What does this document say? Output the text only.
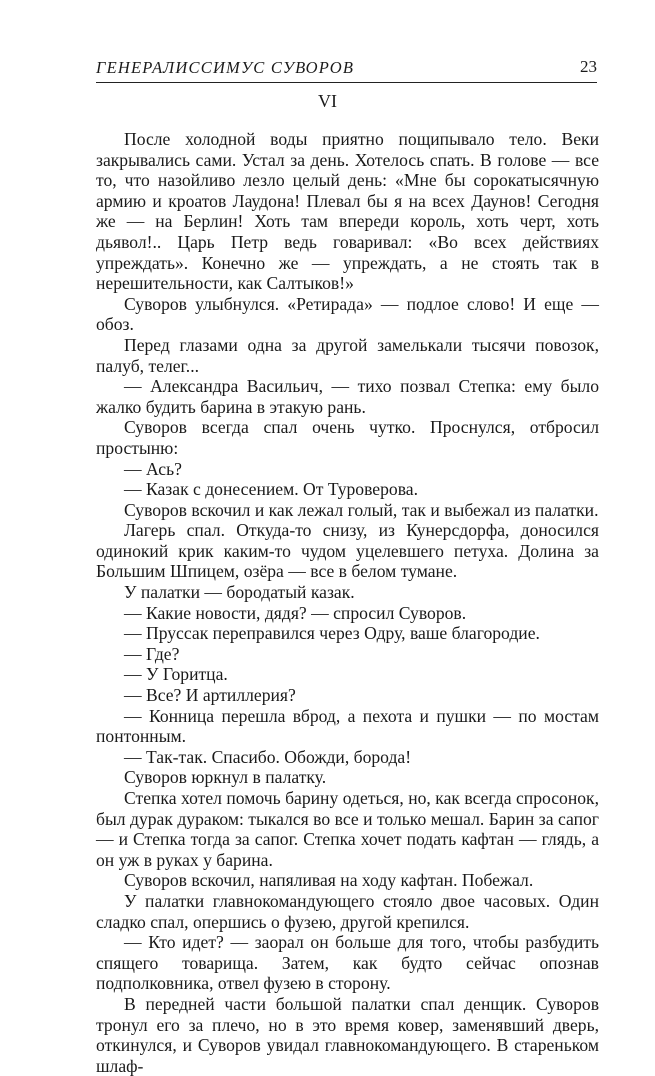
ГЕНЕРАЛИССИМУС СУВОРОВ	23
VI

После холодной воды приятно пощипывало тело. Веки закрывались сами. Устал за день. Хотелось спать. В голове — все то, что назойливо лезло целый день: «Мне бы сорокатысячную армию и кроатов Лаудона! Плевал бы я на всех Даунов! Сегодня же — на Берлин! Хоть там впереди король, хоть черт, хоть дьявол!.. Царь Петр ведь говаривал: «Во всех действиях упреждать». Конечно же — упреждать, а не стоять так в нерешительности, как Салтыков!»

Суворов улыбнулся. «Ретирада» — подлое слово! И еще — обоз.

Перед глазами одна за другой замелькали тысячи повозок, палуб, телег...

— Александра Васильич, — тихо позвал Степка: ему было жалко будить барина в этакую рань.

Суворов всегда спал очень чутко. Проснулся, отбросил простыню:

— Ась?

— Казак с донесением. От Туроверова.

Суворов вскочил и как лежал голый, так и выбежал из палатки.

Лагерь спал. Откуда-то снизу, из Кунерсдорфа, доносился одинокий крик каким-то чудом уцелевшего петуха. Долина за Большим Шпицем, озёра — все в белом тумане.

У палатки — бородатый казак.

— Какие новости, дядя? — спросил Суворов.

— Пруссак переправился через Одру, ваше благородие.

— Где?

— У Горитца.

— Все? И артиллерия?

— Конница перешла вброд, а пехота и пушки — по мостам понтонным.

— Так-так. Спасибо. Обожди, борода!

Суворов юркнул в палатку.

Степка хотел помочь барину одеться, но, как всегда спросонок, был дурак дураком: тыкался во все и только мешал. Барин за сапог — и Степка тогда за сапог. Степка хочет подать кафтан — глядь, а он уж в руках у барина.

Суворов вскочил, напяливая на ходу кафтан. Побежал.

У палатки главнокомандующего стояло двое часовых. Один сладко спал, опершись о фузею, другой крепился.

— Кто идет? — заорал он больше для того, чтобы разбудить спящего товарища. Затем, как будто сейчас опознав подполковника, отвел фузею в сторону.

В передней части большой палатки спал денщик. Суворов тронул его за плечо, но в это время ковер, заменявший дверь, откинулся, и Суворов увидал главнокомандующего. В стареньком шлаф-
